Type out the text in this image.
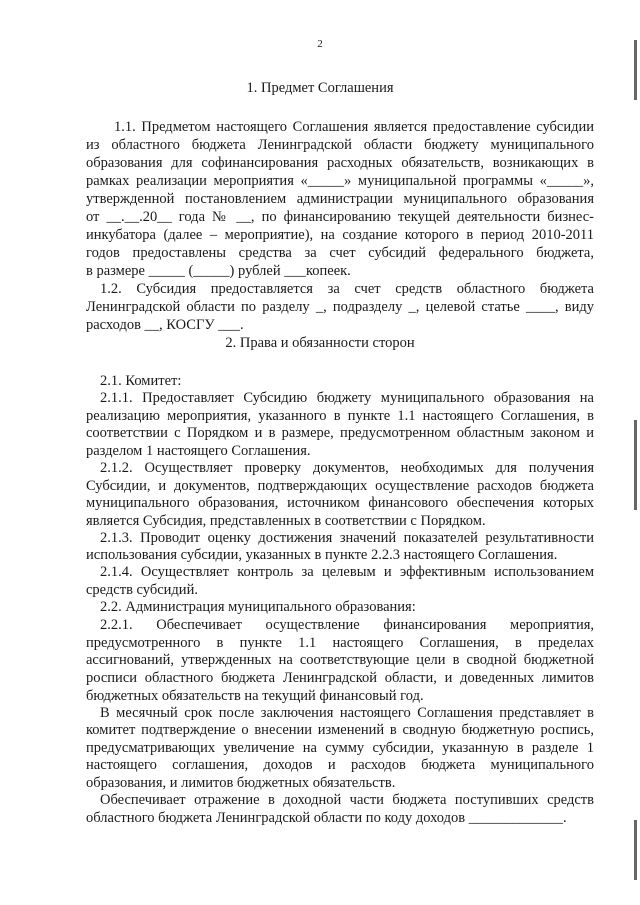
2
1. Предмет Соглашения
1.1. Предметом настоящего Соглашения является предоставление субсидии
из областного бюджета Ленинградской области бюджету муниципального
образования для софинансирования расходных обязательств, возникающих в
рамках реализации мероприятия «_____» муниципальной программы «_____»,
утвержденной постановлением администрации муниципального образования
от __.__.20__ года № __, по финансированию текущей деятельности бизнес-
инкубатора (далее – мероприятие), на создание которого в период 2010-2011
годов предоставлены средства за счет субсидий федерального бюджета,
в размере _____ (_____) рублей ___копеек.
1.2. Субсидия предоставляется за счет средств областного бюджета
Ленинградской области по разделу _, подразделу _, целевой статье ____, виду
расходов __, КОСГУ ___.
2. Права и обязанности сторон
2.1. Комитет:
2.1.1. Предоставляет Субсидию бюджету муниципального образования на
реализацию мероприятия, указанного в пункте 1.1 настоящего Соглашения, в
соответствии с Порядком и в размере, предусмотренном областным законом и
разделом 1 настоящего Соглашения.
2.1.2. Осуществляет проверку документов, необходимых для получения
Субсидии, и документов, подтверждающих осуществление расходов бюджета
муниципального образования, источником финансового обеспечения которых
является Субсидия, представленных в соответствии с Порядком.
2.1.3. Проводит оценку достижения значений показателей результативности
использования субсидии, указанных в пункте 2.2.3 настоящего Соглашения.
2.1.4. Осуществляет контроль за целевым и эффективным использованием
средств субсидий.
2.2. Администрация муниципального образования:
2.2.1. Обеспечивает осуществление финансирования мероприятия,
предусмотренного в пункте 1.1 настоящего Соглашения, в пределах
ассигнований, утвержденных на соответствующие цели в сводной бюджетной
росписи областного бюджета Ленинградской области, и доведенных лимитов
бюджетных обязательств на текущий финансовый год.
В месячный срок после заключения настоящего Соглашения представляет в
комитет подтверждение о внесении изменений в сводную бюджетную роспись,
предусматривающих увеличение на сумму субсидии, указанную в разделе 1
настоящего соглашения, доходов и расходов бюджета муниципального
образования, и лимитов бюджетных обязательств.
Обеспечивает отражение в доходной части бюджета поступивших средств
областного бюджета Ленинградской области по коду доходов _____________.
